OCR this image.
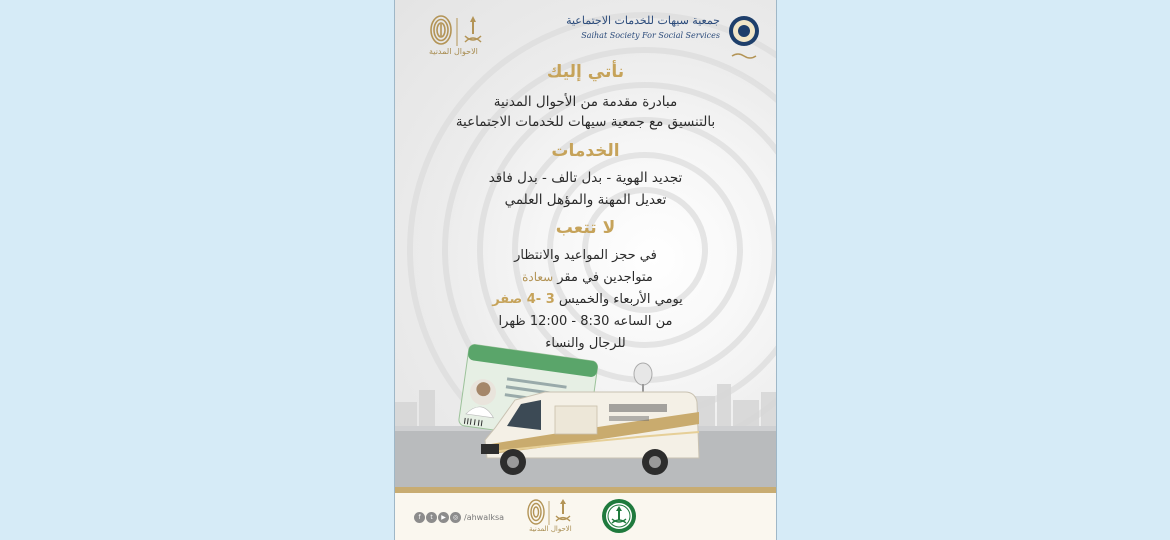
جمعية سيهات للخدمات الاجتماعية
Saihat Society For Social Services
الاحوال المدنية
نأتي إليك
مبادرة مقدمة من الأحوال المدنية
بالتنسيق مع جمعية سيهات للخدمات الاجتماعية
الخدمات
تجديد الهوية - بدل تالف - بدل فاقد
تعديل المهنة والمؤهل العلمي
لا تتعب
في حجز المواعيد والانتظار
متواجدين في مقرسعادة
يومي الأربعاء والخميس 3 -4 صفر
من الساعه 8:30 - 12:00 ظهرا
للرجال والنساء
f	t	▶	◎ /ahwalksa
الاحوال المدنية
